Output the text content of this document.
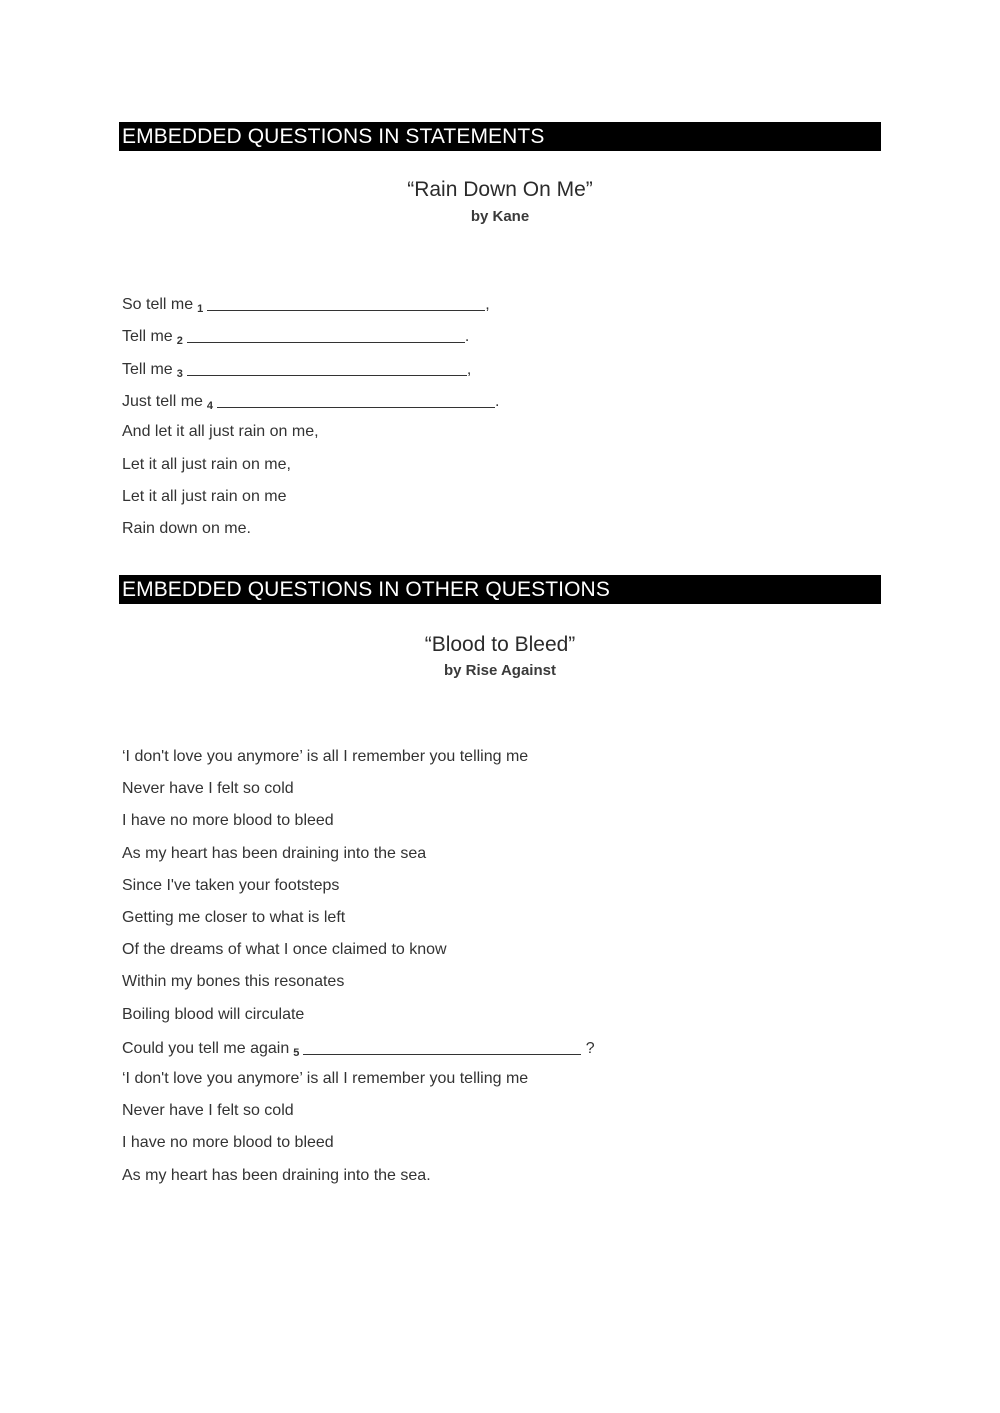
EMBEDDED QUESTIONS IN STATEMENTS
“Rain Down On Me”
by Kane
So tell me 1	,
Tell me 2	.
Tell me 3	,
Just tell me 4	.
And let it all just rain on me,
Let it all just rain on me,
Let it all just rain on me
Rain down on me.
EMBEDDED QUESTIONS IN OTHER QUESTIONS
“Blood to Bleed”
by Rise Against
‘I don't love you anymore’ is all I remember you telling me
Never have I felt so cold
I have no more blood to bleed
As my heart has been draining into the sea
Since I've taken your footsteps
Getting me closer to what is left
Of the dreams of what I once claimed to know
Within my bones this resonates
Boiling blood will circulate
Could you tell me again 5	?
‘I don't love you anymore’ is all I remember you telling me
Never have I felt so cold
I have no more blood to bleed
As my heart has been draining into the sea.
